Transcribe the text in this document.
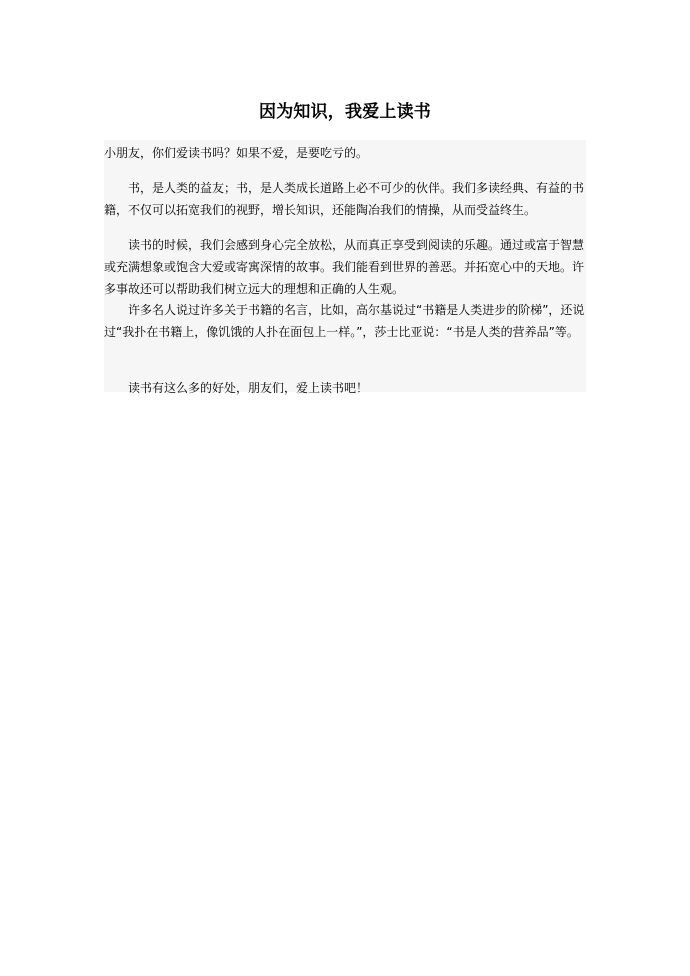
因为知识，我爱上读书

小朋友，你们爱读书吗？如果不爱，是要吃亏的。

书，是人类的益友；书，是人类成长道路上必不可少的伙伴。我们多读经典、有益的书籍，不仅可以拓宽我们的视野，增长知识，还能陶冶我们的情操，从而受益终生。

读书的时候，我们会感到身心完全放松，从而真正享受到阅读的乐趣。通过或富于智慧或充满想象或饱含大爱或寄寓深情的故事。我们能看到世界的善恶。并拓宽心中的天地。许多事故还可以帮助我们树立远大的理想和正确的人生观。

许多名人说过许多关于书籍的名言，比如，高尔基说过“书籍是人类进步的阶梯”，还说过“我扑在书籍上，像饥饿的人扑在面包上一样。”，莎士比亚说：“书是人类的营养品”等。

读书有这么多的好处，朋友们，爱上读书吧！
